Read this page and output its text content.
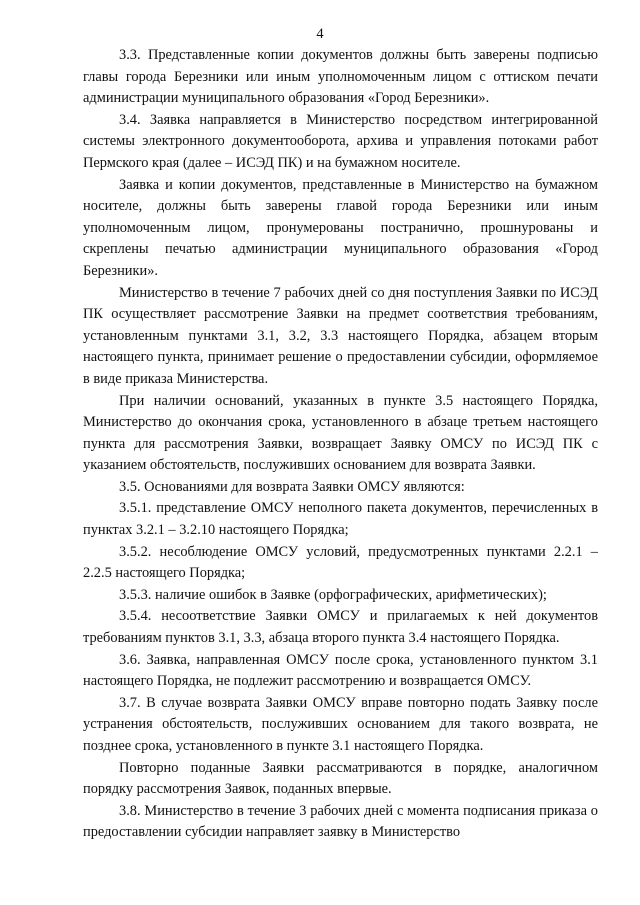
4

3.3. Представленные копии документов должны быть заверены подписью главы города Березники или иным уполномоченным лицом с оттиском печати администрации муниципального образования «Город Березники».

3.4. Заявка направляется в Министерство посредством интегрированной системы электронного документооборота, архива и управления потоками работ Пермского края (далее – ИСЭД ПК) и на бумажном носителе.

Заявка и копии документов, представленные в Министерство на бумажном носителе, должны быть заверены главой города Березники или иным уполномоченным лицом, пронумерованы постранично, прошнурованы и скреплены печатью администрации муниципального образования «Город Березники».

Министерство в течение 7 рабочих дней со дня поступления Заявки по ИСЭД ПК осуществляет рассмотрение Заявки на предмет соответствия требованиям, установленным пунктами 3.1, 3.2, 3.3 настоящего Порядка, абзацем вторым настоящего пункта, принимает решение о предоставлении субсидии, оформляемое в виде приказа Министерства.

При наличии оснований, указанных в пункте 3.5 настоящего Порядка, Министерство до окончания срока, установленного в абзаце третьем настоящего пункта для рассмотрения Заявки, возвращает Заявку ОМСУ по ИСЭД ПК с указанием обстоятельств, послуживших основанием для возврата Заявки.

3.5. Основаниями для возврата Заявки ОМСУ являются:

3.5.1. представление ОМСУ неполного пакета документов, перечисленных в пунктах 3.2.1 – 3.2.10 настоящего Порядка;

3.5.2. несоблюдение ОМСУ условий, предусмотренных пунктами 2.2.1 – 2.2.5 настоящего Порядка;

3.5.3. наличие ошибок в Заявке (орфографических, арифметических);

3.5.4. несоответствие Заявки ОМСУ и прилагаемых к ней документов требованиям пунктов 3.1, 3.3, абзаца второго пункта 3.4 настоящего Порядка.

3.6. Заявка, направленная ОМСУ после срока, установленного пунктом 3.1 настоящего Порядка, не подлежит рассмотрению и возвращается ОМСУ.

3.7. В случае возврата Заявки ОМСУ вправе повторно подать Заявку после устранения обстоятельств, послуживших основанием для такого возврата, не позднее срока, установленного в пункте 3.1 настоящего Порядка.

Повторно поданные Заявки рассматриваются в порядке, аналогичном порядку рассмотрения Заявок, поданных впервые.

3.8. Министерство в течение 3 рабочих дней с момента подписания приказа о предоставлении субсидии направляет заявку в Министерство
